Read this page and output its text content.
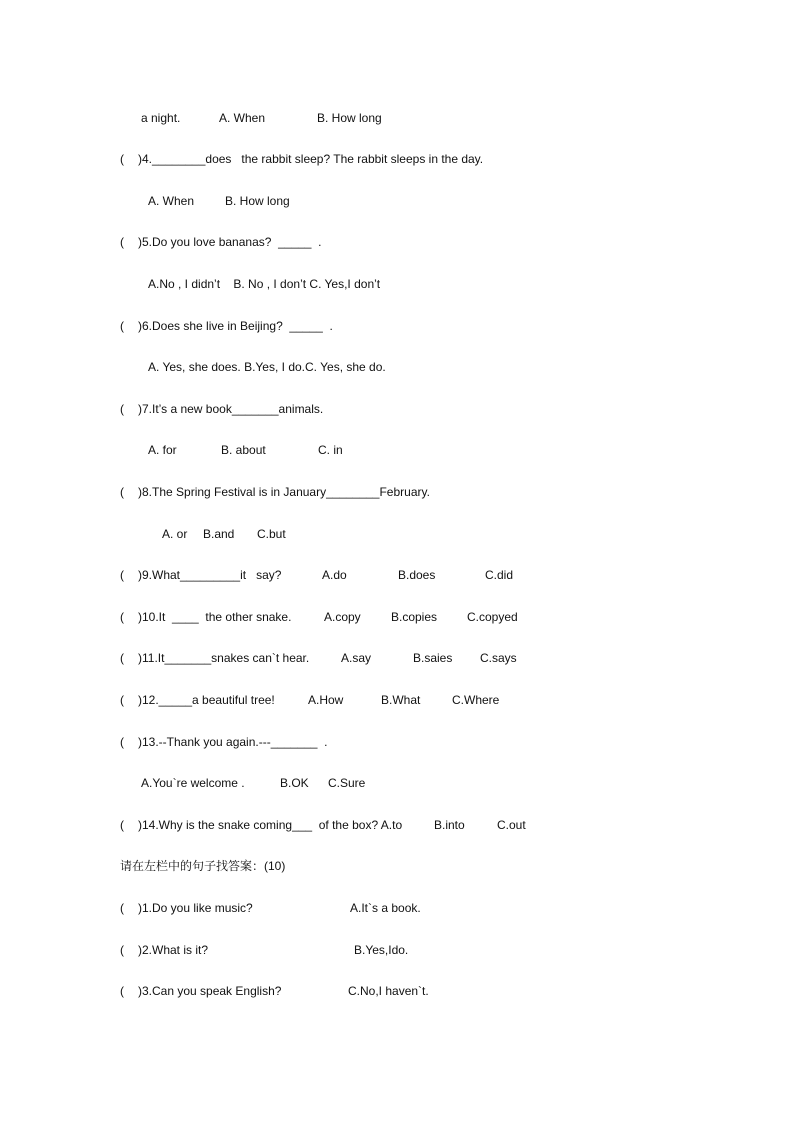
a night.	A. When	B. How long
( )4.________does   the rabbit sleep? The rabbit sleeps in the day.
A. When	B. How long
( )5.Do you love bananas?  _____  .
A.No , I didn’t    B. No , I don’t C. Yes,I don’t
( )6.Does she live in Beijing?  _____  .
A. Yes, she does. B.Yes, I do.C. Yes, she do.
( )7.It’s a new book_______animals.
A. for	B. about	C. in
( )8.The Spring Festival is in January________February.
A. or B.and C.but
( )9.What_________it   say?	A.do	B.does	C.did
( )10.It  ____  the other snake.	A.copy	B.copies C.copyed
( )11.It_______snakes can`t hear.	A.say	B.saies C.says
( )12._____a beautiful tree!	A.How	B.What	C.Where
( )13.--Thank you again.---_______  .
A.You`re welcome .	B.OK C.Sure
( )14.Why is the snake coming___  of the box? A.to	B.into	C.out
请在左栏中的句子找答案：(10)
( )1.Do you like music?	A.It`s a book.
( )2.What is it?	B.Yes,Ido.
( )3.Can you speak English?	C.No,I haven`t.
